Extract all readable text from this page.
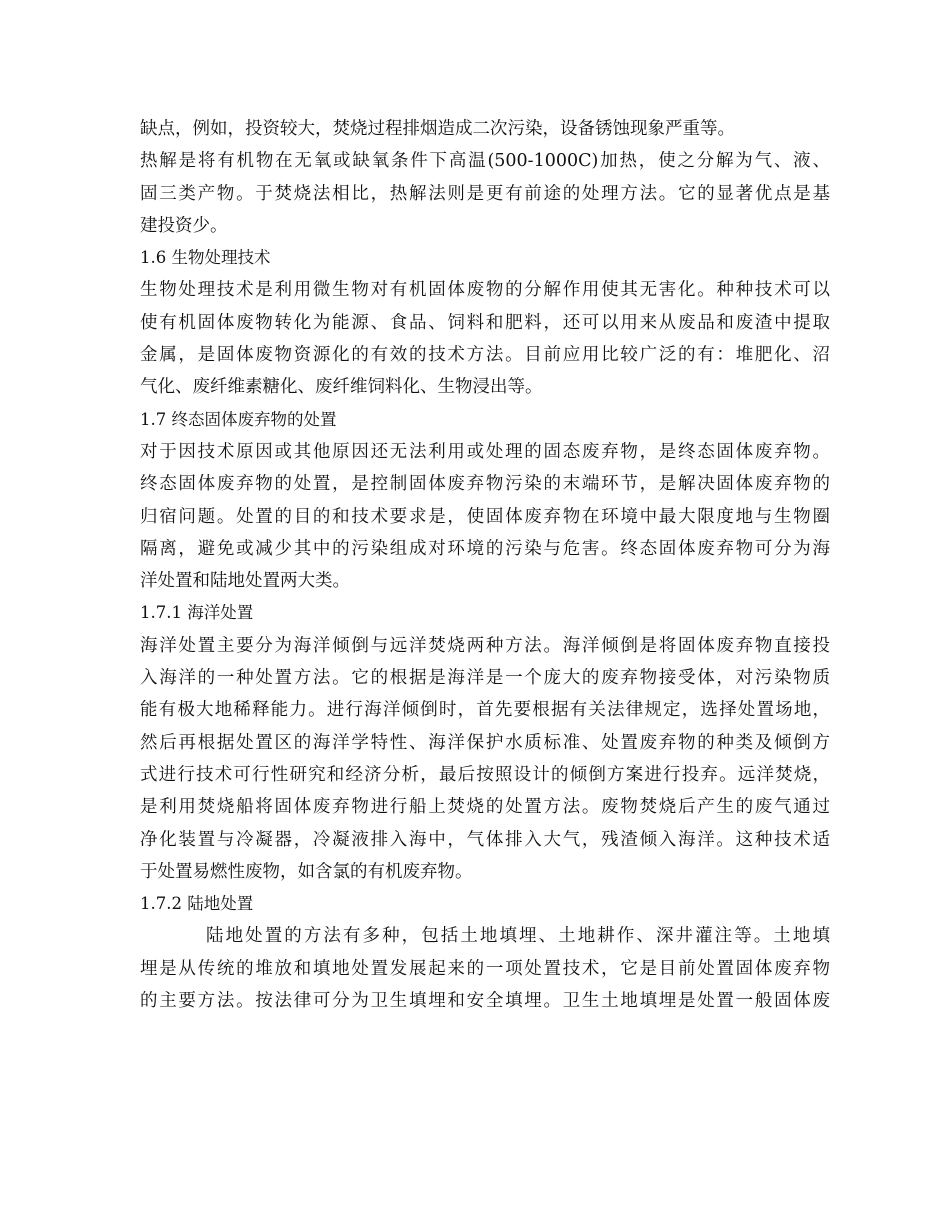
缺点，例如，投资较大，焚烧过程排烟造成二次污染，设备锈蚀现象严重等。
热解是将有机物在无氧或缺氧条件下高温(500-1000C)加热，使之分解为气、液、
固三类产物。于焚烧法相比，热解法则是更有前途的处理方法。它的显著优点是基
建投资少。
1.6 生物处理技术
生物处理技术是利用微生物对有机固体废物的分解作用使其无害化。种种技术可以
使有机固体废物转化为能源、食品、饲料和肥料，还可以用来从废品和废渣中提取
金属，是固体废物资源化的有效的技术方法。目前应用比较广泛的有：堆肥化、沼
气化、废纤维素糖化、废纤维饲料化、生物浸出等。
1.7 终态固体废弃物的处置
对于因技术原因或其他原因还无法利用或处理的固态废弃物，是终态固体废弃物。
终态固体废弃物的处置，是控制固体废弃物污染的末端环节，是解决固体废弃物的
归宿问题。处置的目的和技术要求是，使固体废弃物在环境中最大限度地与生物圈
隔离，避免或减少其中的污染组成对环境的污染与危害。终态固体废弃物可分为海
洋处置和陆地处置两大类。
1.7.1 海洋处置
海洋处置主要分为海洋倾倒与远洋焚烧两种方法。海洋倾倒是将固体废弃物直接投
入海洋的一种处置方法。它的根据是海洋是一个庞大的废弃物接受体，对污染物质
能有极大地稀释能力。进行海洋倾倒时，首先要根据有关法律规定，选择处置场地，
然后再根据处置区的海洋学特性、海洋保护水质标准、处置废弃物的种类及倾倒方
式进行技术可行性研究和经济分析，最后按照设计的倾倒方案进行投弃。远洋焚烧，
是利用焚烧船将固体废弃物进行船上焚烧的处置方法。废物焚烧后产生的废气通过
净化装置与冷凝器，冷凝液排入海中，气体排入大气，残渣倾入海洋。这种技术适
于处置易燃性废物，如含氯的有机废弃物。
1.7.2 陆地处置
陆地处置的方法有多种，包括土地填埋、土地耕作、深井灌注等。土地填
埋是从传统的堆放和填地处置发展起来的一项处置技术，它是目前处置固体废弃物
的主要方法。按法律可分为卫生填埋和安全填埋。卫生土地填埋是处置一般固体废
